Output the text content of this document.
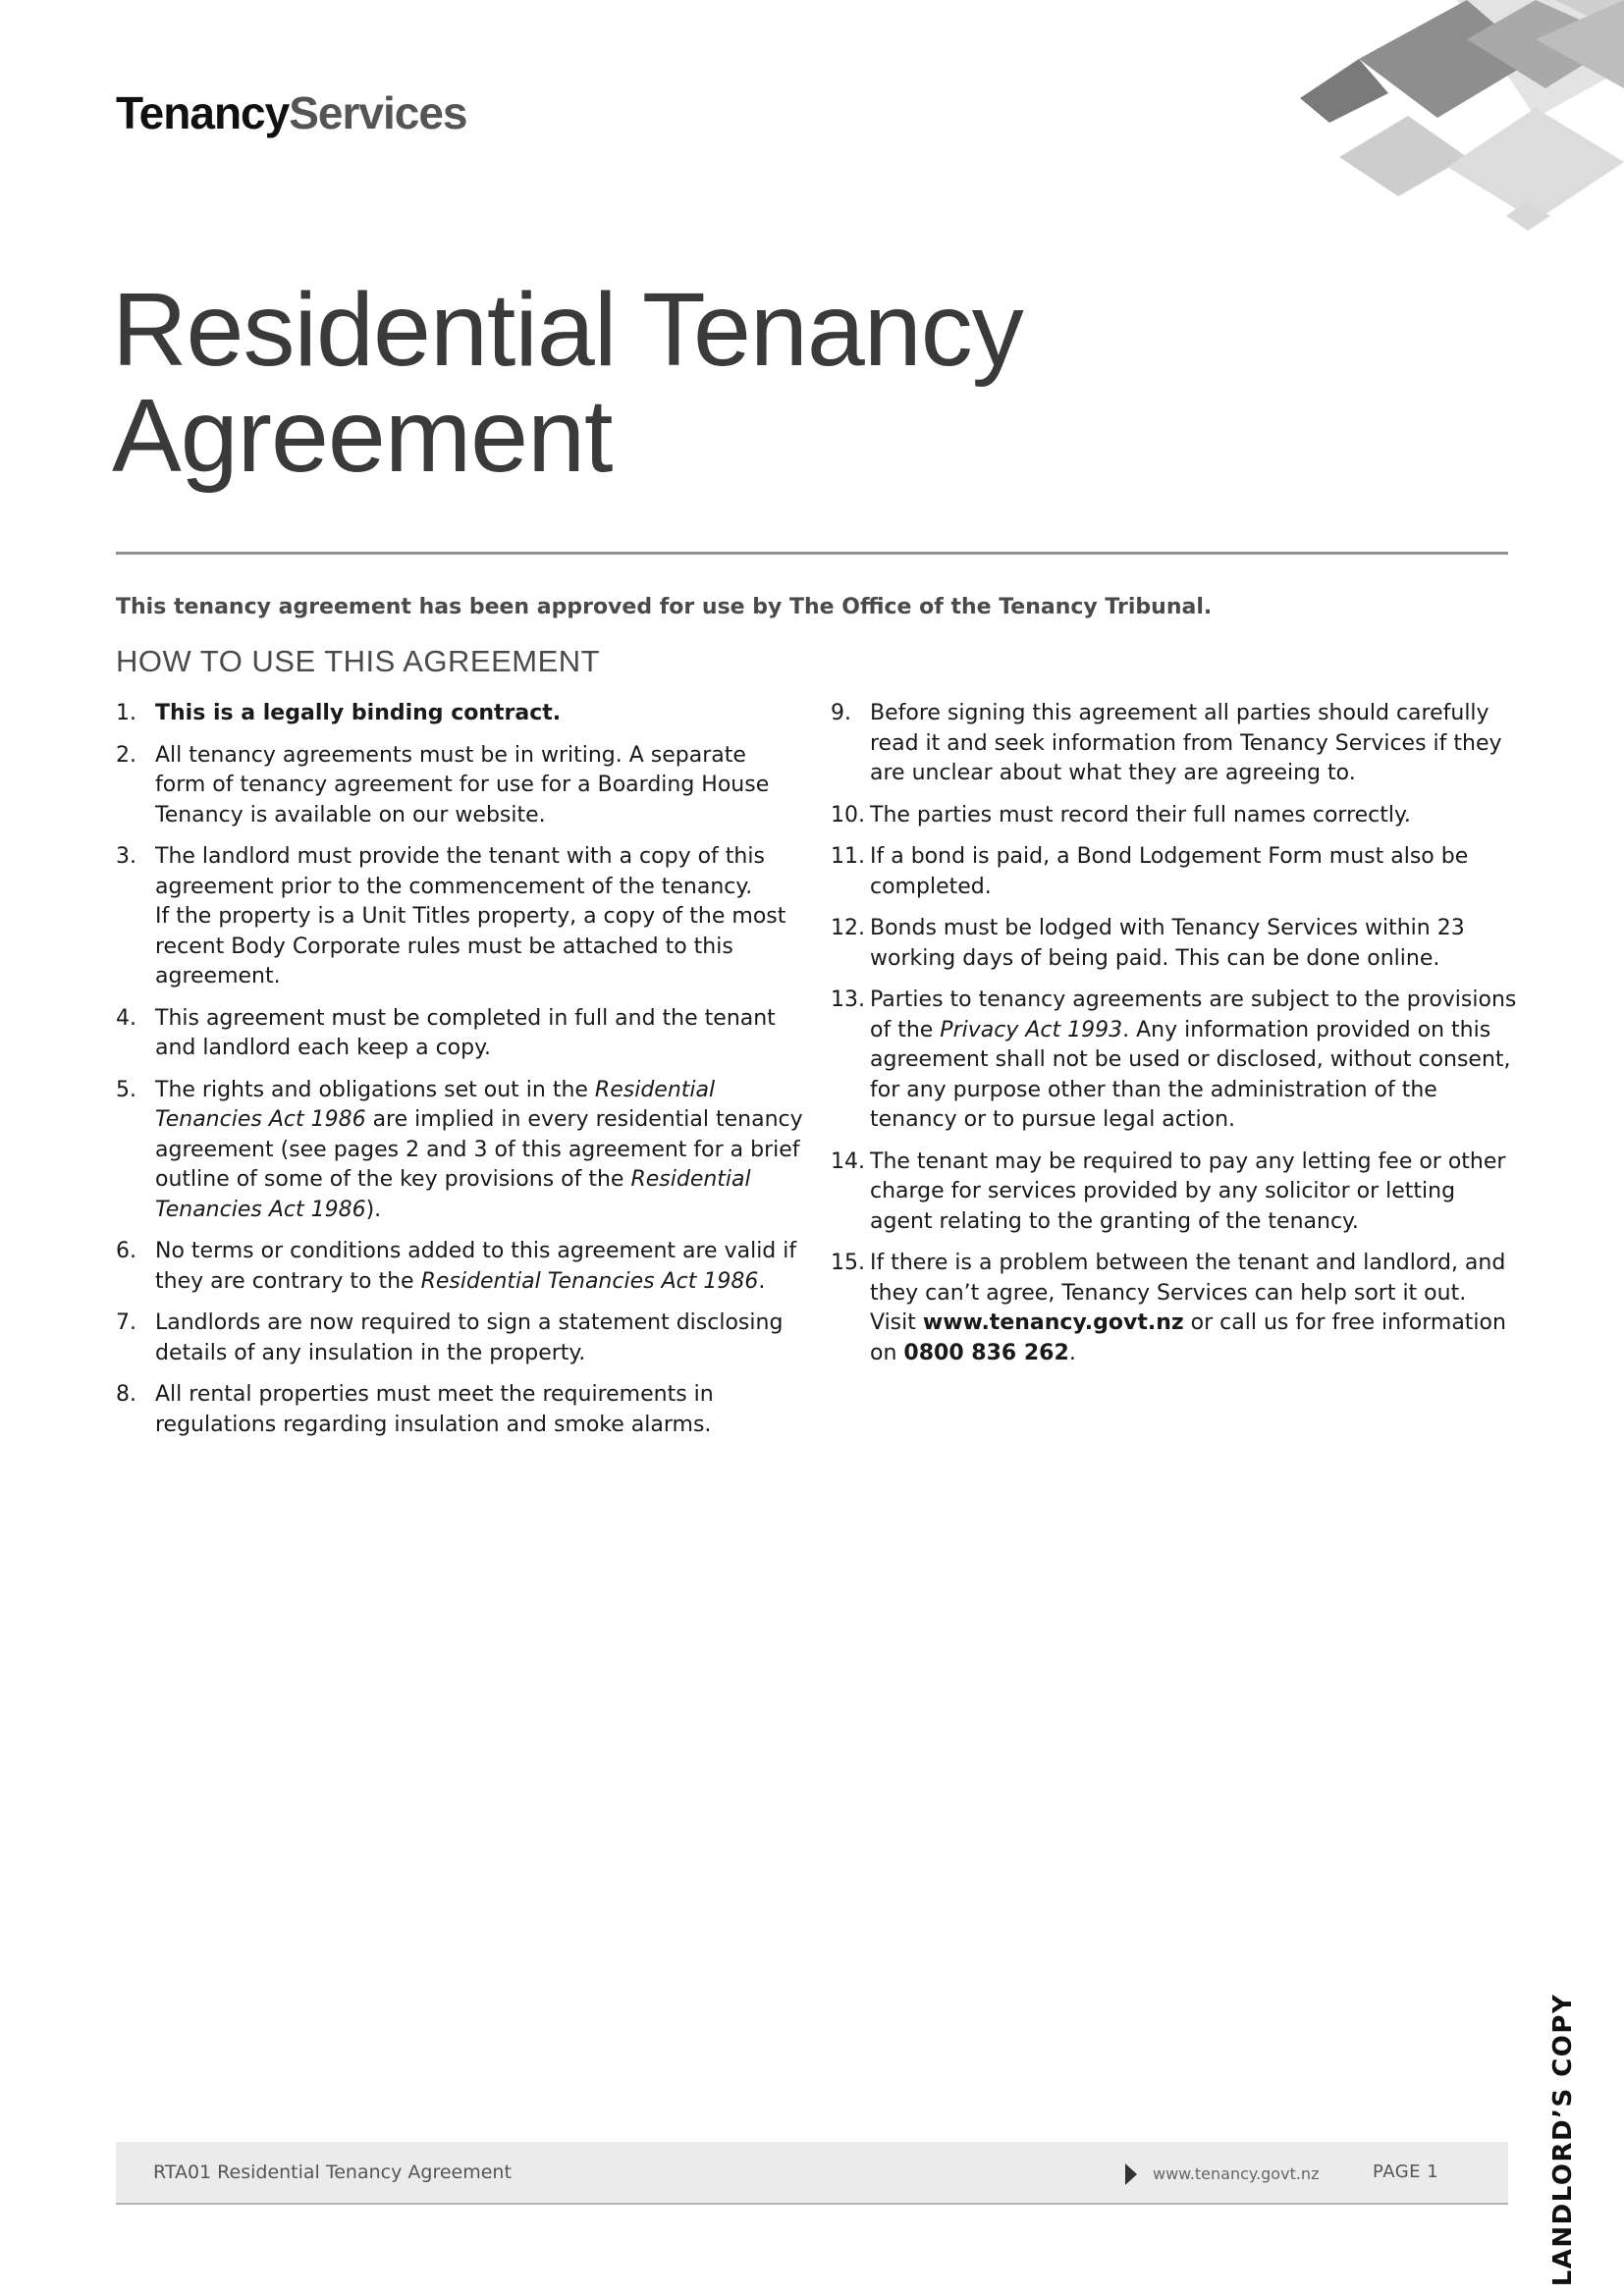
TenancyServices
Residential Tenancy
Agreement

This tenancy agreement has been approved for use by The Office of the Tenancy Tribunal.

HOW TO USE THIS AGREEMENT
1. This is a legally binding contract.
2. All tenancy agreements must be in writing. A separate form of tenancy agreement for use for a Boarding House Tenancy is available on our website.
3. The landlord must provide the tenant with a copy of this agreement prior to the commencement of the tenancy.
If the property is a Unit Titles property, a copy of the most recent Body Corporate rules must be attached to this agreement.
4. This agreement must be completed in full and the tenant and landlord each keep a copy.
5. The rights and obligations set out in the Residential Tenancies Act 1986 are implied in every residential tenancy agreement (see pages 2 and 3 of this agreement for a brief outline of some of the key provisions of the Residential Tenancies Act 1986).
6. No terms or conditions added to this agreement are valid if they are contrary to the Residential Tenancies Act 1986.
7. Landlords are now required to sign a statement disclosing details of any insulation in the property.
8. All rental properties must meet the requirements in regulations regarding insulation and smoke alarms.
9. Before signing this agreement all parties should carefully read it and seek information from Tenancy Services if they are unclear about what they are agreeing to.
10. The parties must record their full names correctly.
11. If a bond is paid, a Bond Lodgement Form must also be completed.
12. Bonds must be lodged with Tenancy Services within 23 working days of being paid. This can be done online.
13. Parties to tenancy agreements are subject to the provisions of the Privacy Act 1993. Any information provided on this agreement shall not be used or disclosed, without consent, for any purpose other than the administration of the tenancy or to pursue legal action.
14. The tenant may be required to pay any letting fee or other charge for services provided by any solicitor or letting agent relating to the granting of the tenancy.
15. If there is a problem between the tenant and landlord, and they can’t agree, Tenancy Services can help sort it out. Visit www.tenancy.govt.nz or call us for free information on 0800 836 262.
LANDLORD’S COPY
RTA01 Residential Tenancy Agreement	www.tenancy.govt.nz	PAGE 1
